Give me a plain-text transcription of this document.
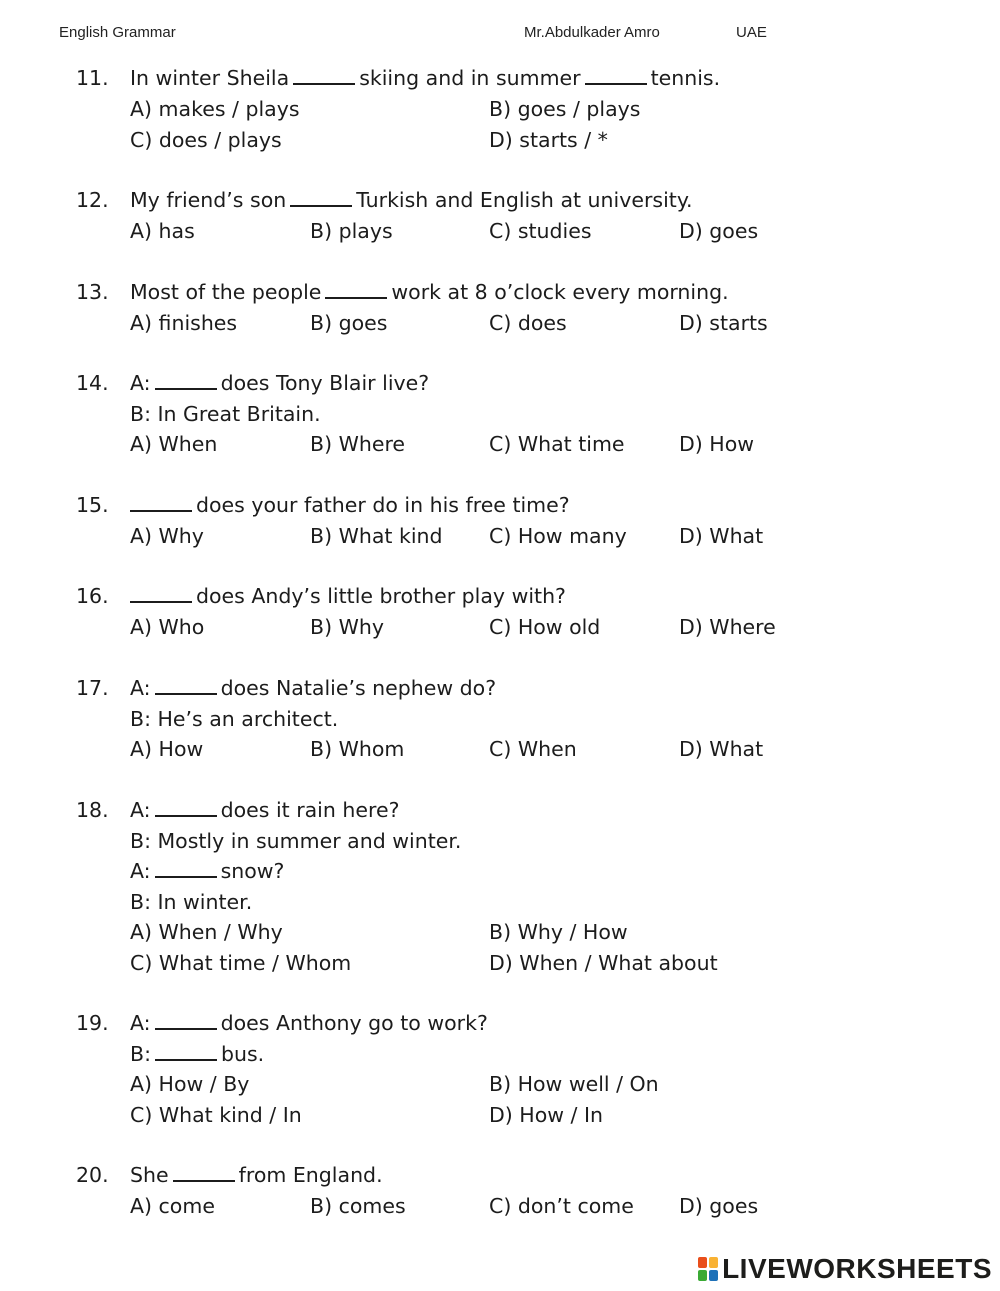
English Grammar	Mr.Abdulkader Amro	UAE
11. In winter Sheila	skiing and in summer	tennis.
A) makes / plays	B) goes / plays
C) does / plays	D) starts / *
12. My friend’s son	Turkish and English at university.
A) has	B) plays	C) studies	D) goes
13. Most of the people	work at 8 o’clock every morning.
A) finishes	B) goes	C) does	D) starts
14. A:	does Tony Blair live?
B: In Great Britain.
A) When	B) Where	C) What time	D) How
15.	does your father do in his free time?
A) Why	B) What kind C) How many	D) What
16.	does Andy’s little brother play with?
A) Who	B) Why	C) How old	D) Where
17. A:	does Natalie’s nephew do?
B: He’s an architect.
A) How	B) Whom	C) When	D) What
18. A:	does it rain here?
B: Mostly in summer and winter.
A:	snow?
B: In winter.
A) When / Why	B) Why / How
C) What time / Whom	D) When / What about
19. A:	does Anthony go to work?
B:	bus.
A) How / By	B) How well / On
C) What kind / In	D) How / In
20. She	from England.
A) come	B) comes	C) don’t come D) goes
LIVEWORKSHEETS
